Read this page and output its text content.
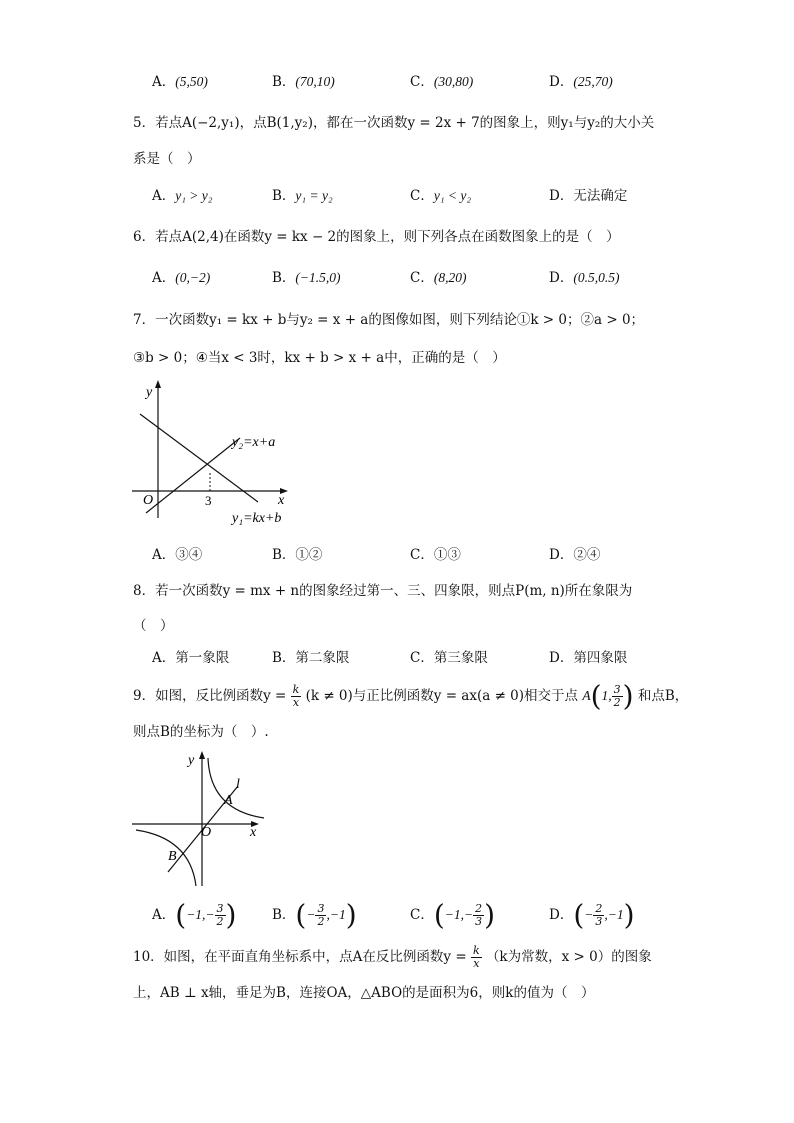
A．(5,50)	B．(70,10)	C．(30,80)	D．(25,70)
5．若点A(−2,y₁)，点B(1,y₂)，都在一次函数y = 2x + 7的图象上，则y₁与y₂的大小关
系是（　）
A．y₁ > y₂	B．y₁ = y₂	C．y₁ < y₂	D．无法确定
6．若点A(2,4)在函数y = kx − 2的图象上，则下列各点在函数图象上的是（　）
A．(0,−2)	B．(−1.5,0)	C．(8,20)	D．(0.5,0.5)
7．一次函数y₁ = kx + b与y₂ = x + a的图像如图，则下列结论①k > 0；②a > 0；
③b > 0；④当x < 3时，kx + b > x + a中，正确的是（　）
y
x
O	3
y₂=x+a
y₁=kx+b
A．③④	B．①②	C．①③	D．②④
8．若一次函数y = mx + n的图象经过第一、三、四象限，则点P(m, n)所在象限为
（　）
A．第一象限	B．第二象限	C．第三象限	D．第四象限
9．如图，反比例函数$y = \frac{k}{x} (k \ne 0)$与正比例函数y = ax(a ≠ 0)相交于点 A(1, $\frac{3}{2}$ ) 和点B，
则点B的坐标为（　）.
y
x
O
l
A
B
A．($-1,- \frac{3}{2}$ )	B．(− $\frac{3}{2} ,-1$)	C．($-1,- \frac{2}{3}$ )	D．(− $\frac{2}{3} ,-1$)
10．如图，在平面直角坐标系中，点A在反比例函数$y = \frac{k}{x} (k$为常数，x > 0）的图象
上，AB ⊥ x轴，垂足为B，连接OA，△ABO的是面积为6，则k的值为（　）
